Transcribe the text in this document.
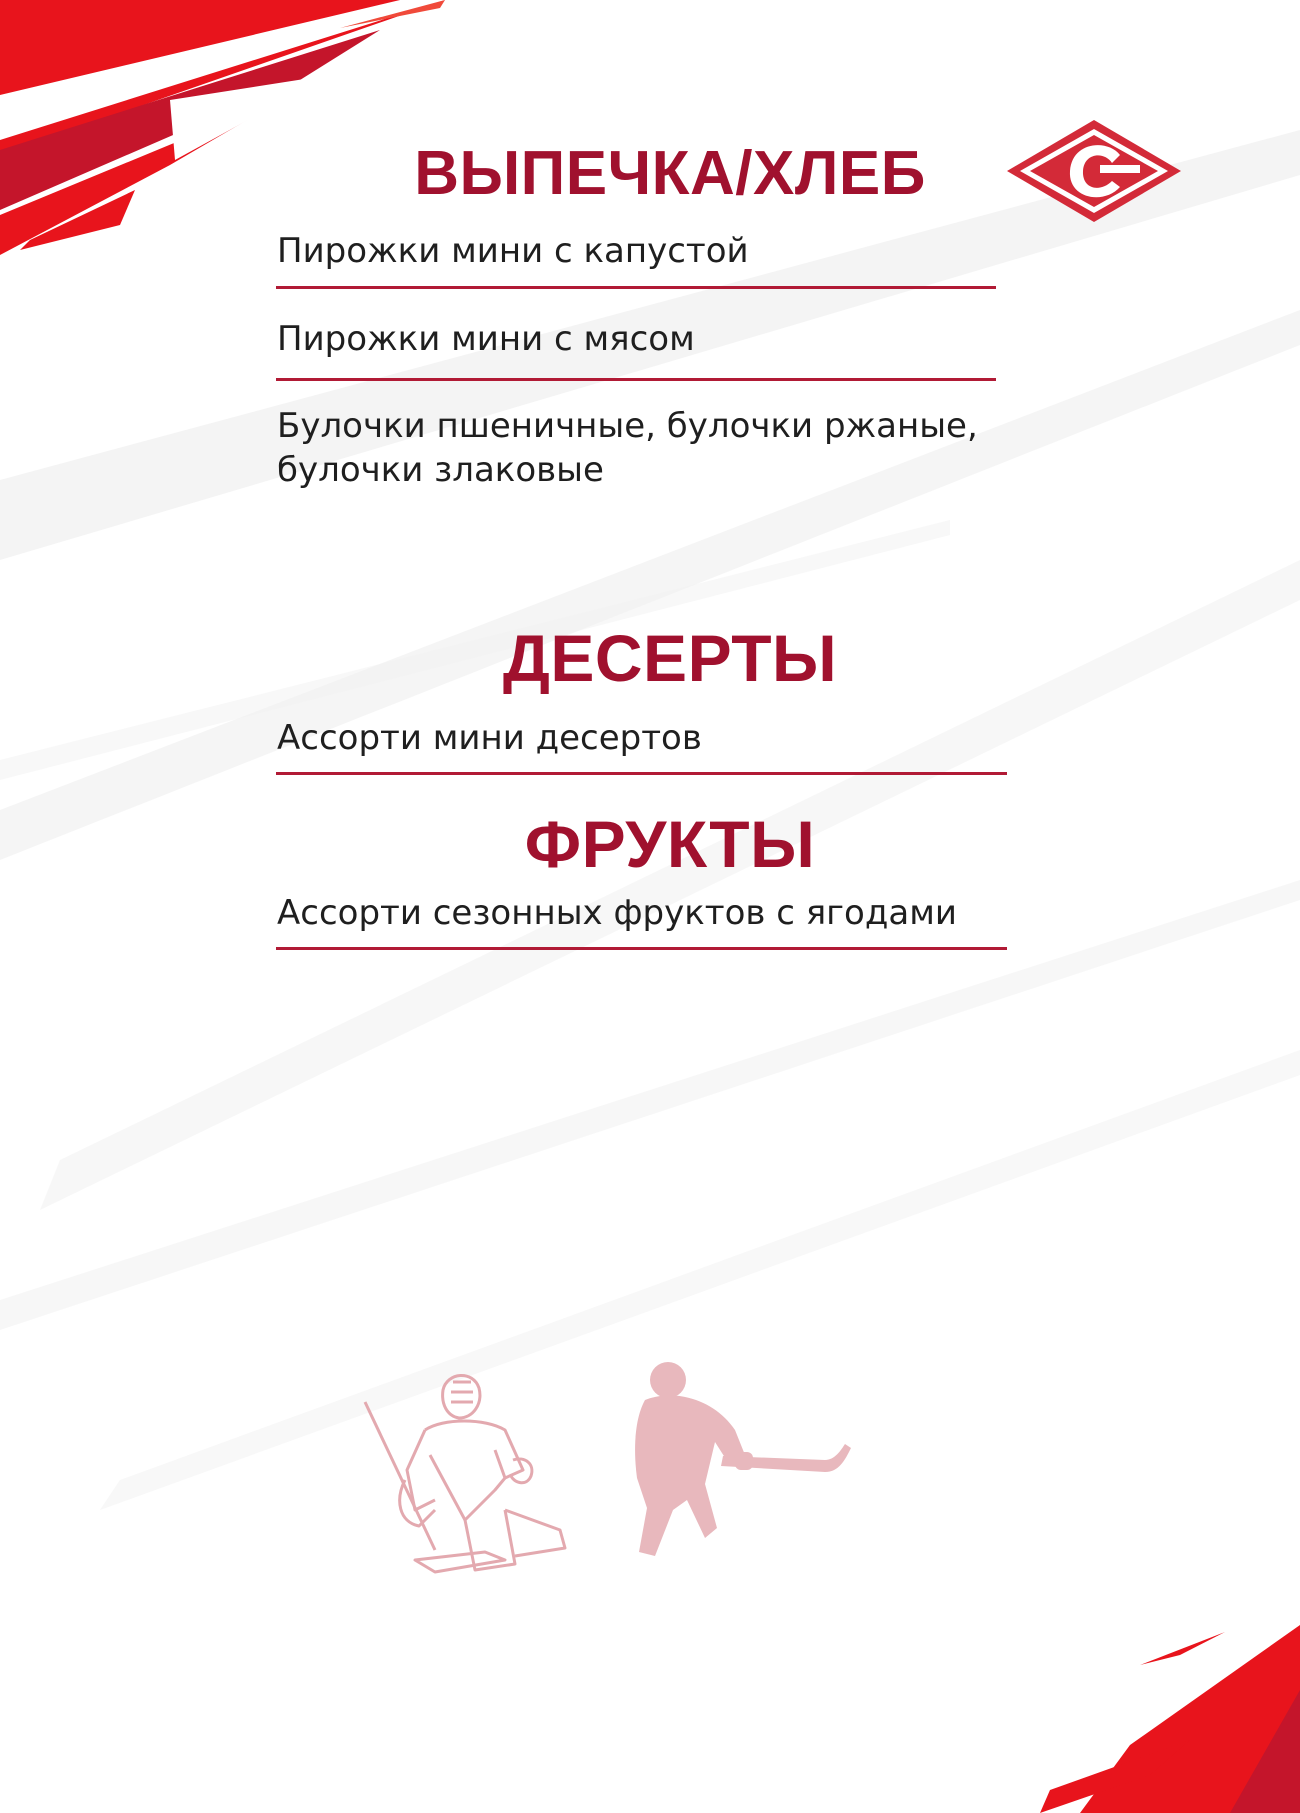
ВЫПЕЧКА/ХЛЕБ
Пирожки мини с капустой
Пирожки мини с мясом
Булочки пшеничные, булочки ржаные,
булочки злаковые
ДЕСЕРТЫ
Ассорти мини десертов
ФРУКТЫ
Ассорти сезонных фруктов с ягодами
